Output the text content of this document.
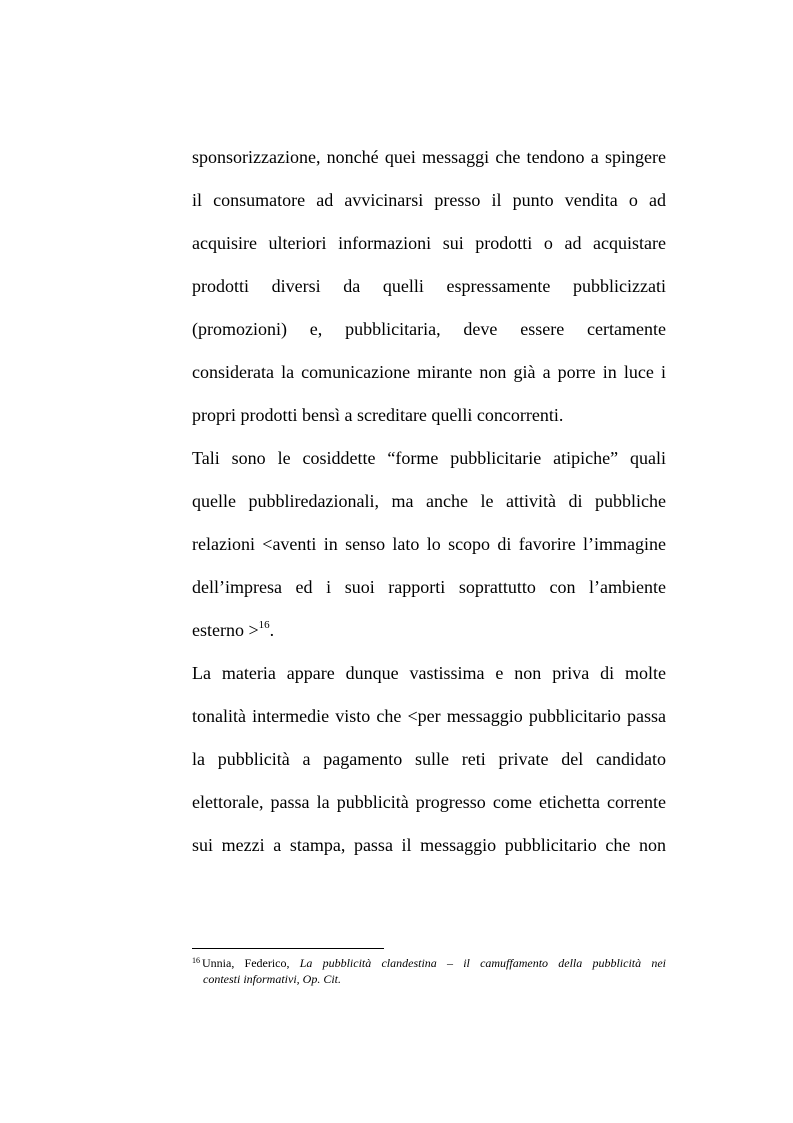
sponsorizzazione, nonché quei messaggi che tendono a spingere
il consumatore ad avvicinarsi presso il punto vendita o ad
acquisire ulteriori informazioni sui prodotti o ad acquistare
prodotti diversi da quelli espressamente pubblicizzati
(promozioni) e, pubblicitaria, deve essere certamente
considerata la comunicazione mirante non già a porre in luce i
propri prodotti bensì a screditare quelli concorrenti.
Tali sono le cosiddette “forme pubblicitarie atipiche” quali
quelle pubbliredazionali, ma anche le attività di pubbliche
relazioni <aventi in senso lato lo scopo di favorire l’immagine
dell’impresa ed i suoi rapporti soprattutto con l’ambiente
esterno >$^{16}$.
La materia appare dunque vastissima e non priva di molte
tonalità intermedie visto che <per messaggio pubblicitario passa
la pubblicità a pagamento sulle reti private del candidato
elettorale, passa la pubblicità progresso come etichetta corrente
sui mezzi a stampa, passa il messaggio pubblicitario che non
$^{16}$ Unnia, Federico, La pubblicità clandestina – il camuffamento della pubblicità nei
contesti informativi, Op. Cit.
